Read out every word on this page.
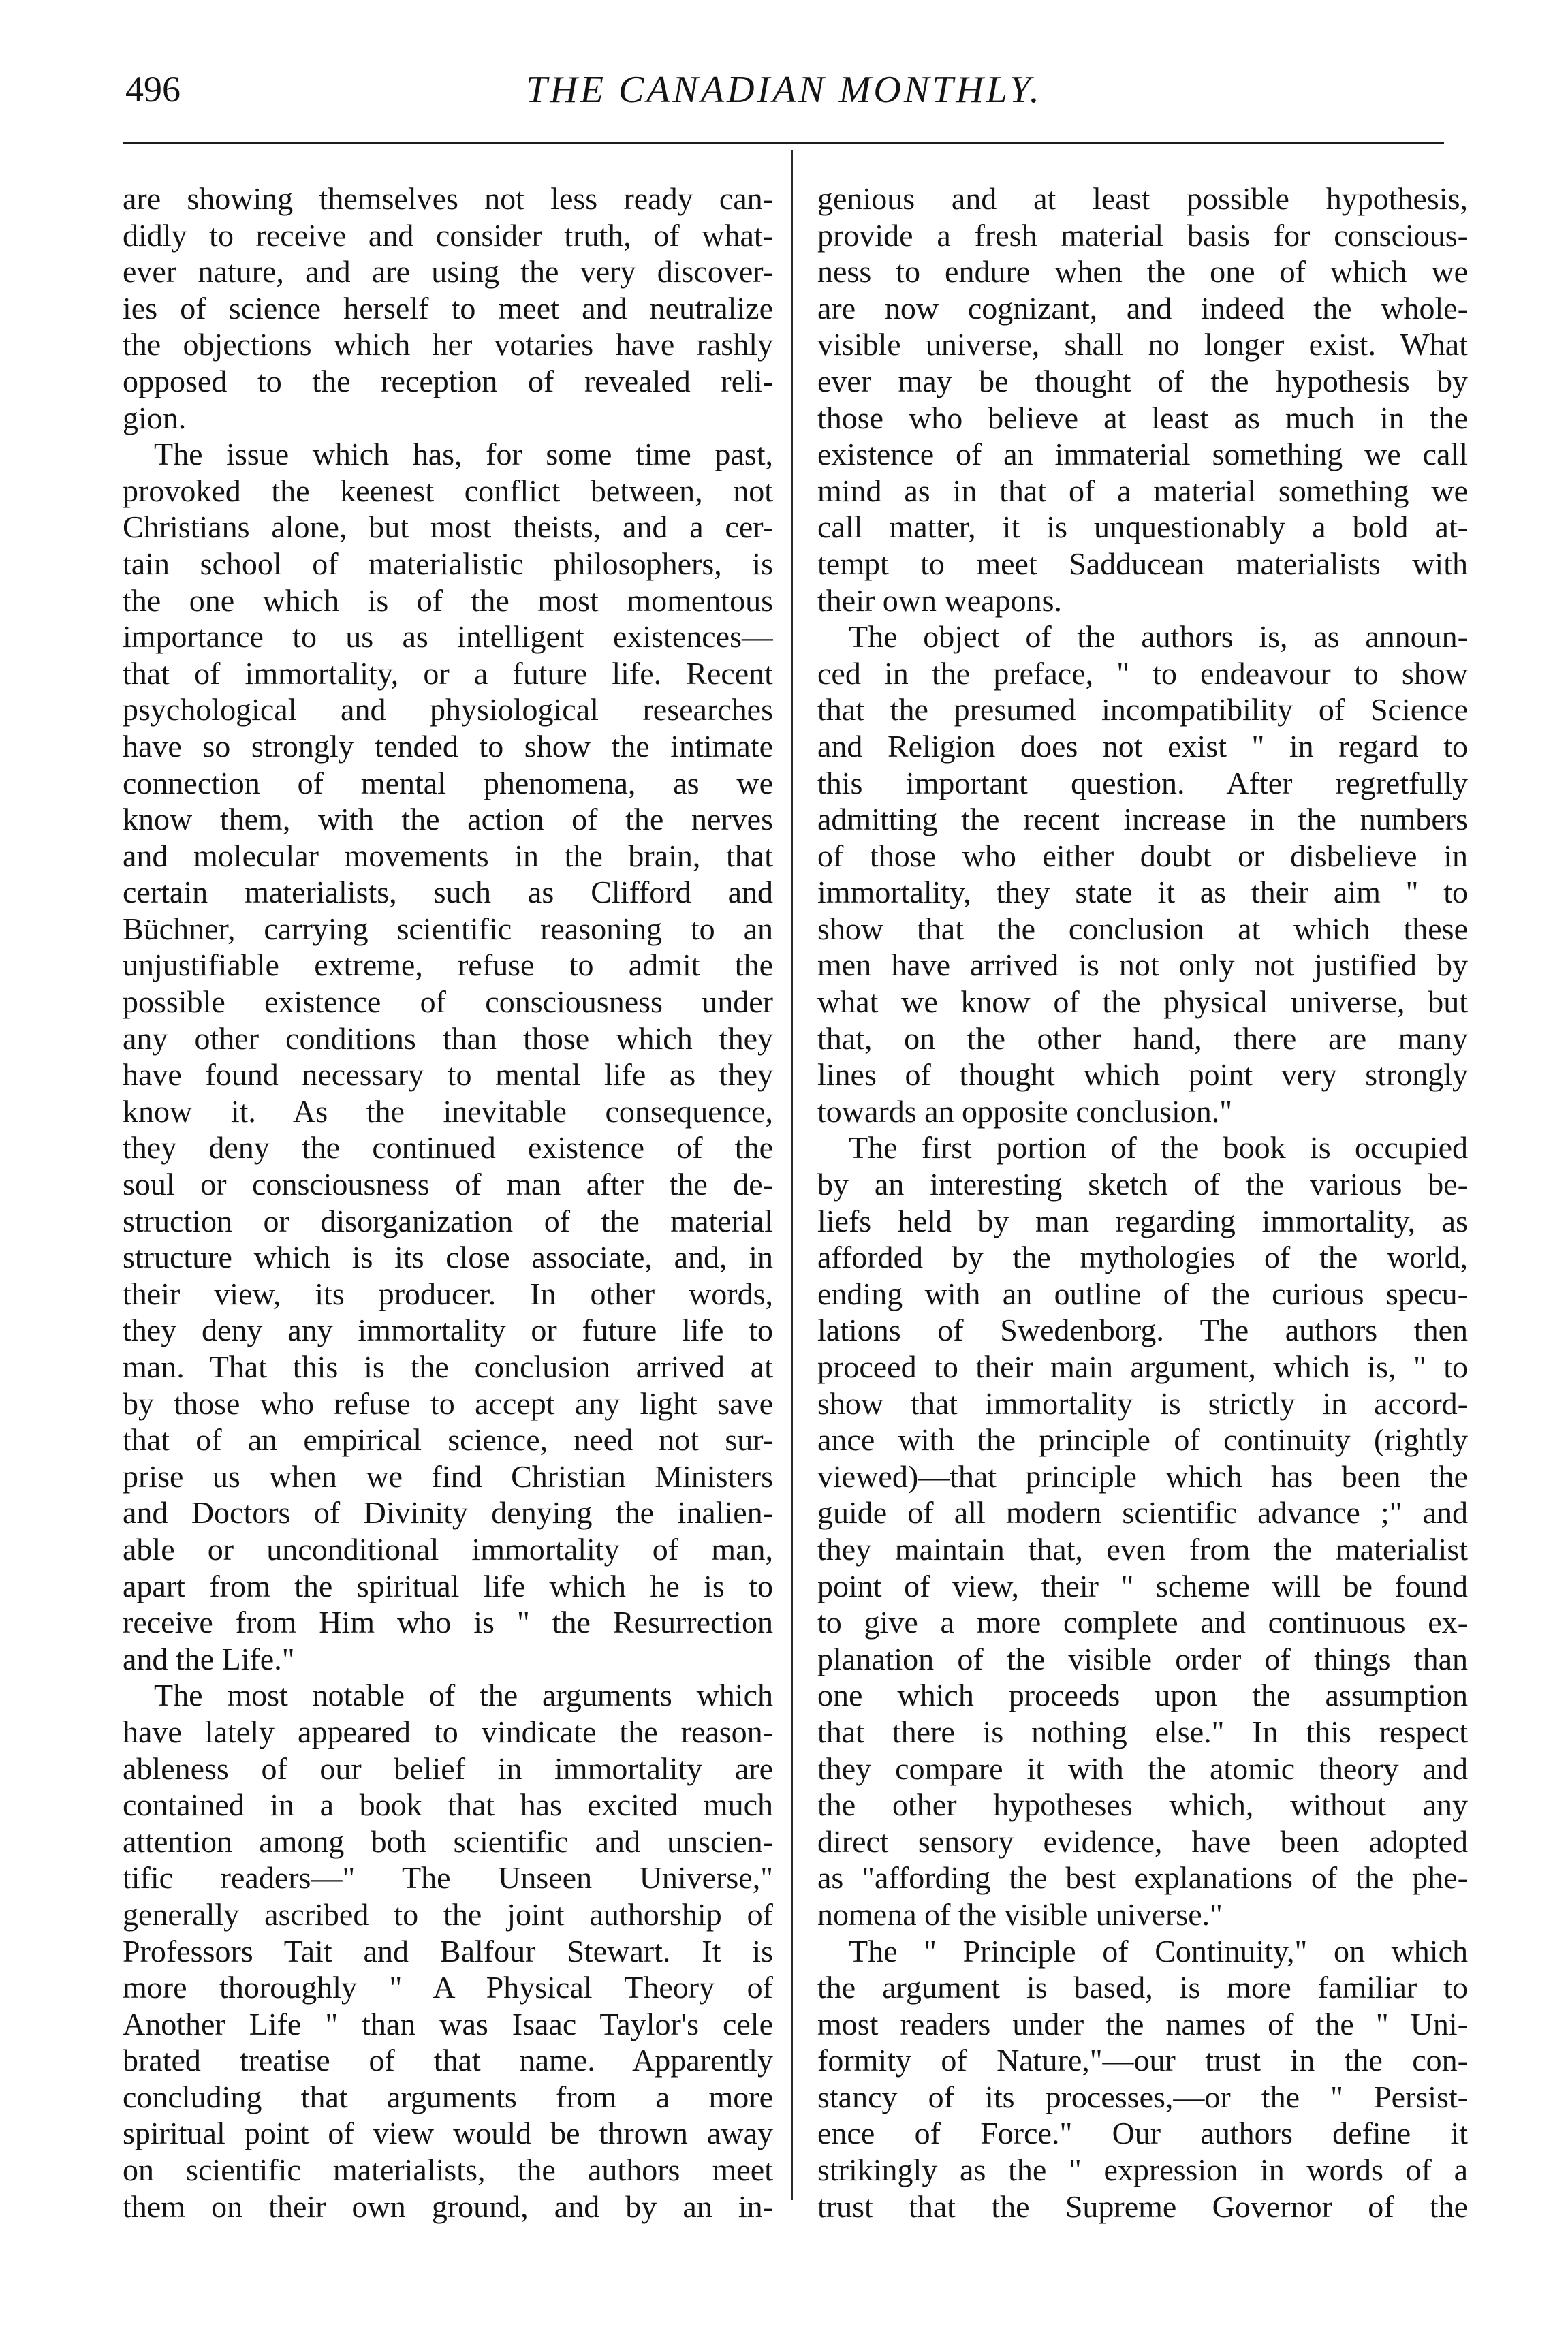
496	THE CANADIAN MONTHLY.
are showing themselves not less ready can-
didly to receive and consider truth, of what-
ever nature, and are using the very discover-
ies of science herself to meet and neutralize
the objections which her votaries have rashly
opposed to the reception of revealed reli-
gion.
The issue which has, for some time past,
provoked the keenest conflict between, not
Christians alone, but most theists, and a cer-
tain school of materialistic philosophers, is
the one which is of the most momentous
importance to us as intelligent existences—
that of immortality, or a future life. Recent
psychological and physiological researches
have so strongly tended to show the intimate
connection of mental phenomena, as we
know them, with the action of the nerves
and molecular movements in the brain, that
certain materialists, such as Clifford and
Büchner, carrying scientific reasoning to an
unjustifiable extreme, refuse to admit the
possible existence of consciousness under
any other conditions than those which they
have found necessary to mental life as they
know it. As the inevitable consequence,
they deny the continued existence of the
soul or consciousness of man after the de-
struction or disorganization of the material
structure which is its close associate, and, in
their view, its producer. In other words,
they deny any immortality or future life to
man. That this is the conclusion arrived at
by those who refuse to accept any light save
that of an empirical science, need not sur-
prise us when we find Christian Ministers
and Doctors of Divinity denying the inalien-
able or unconditional immortality of man,
apart from the spiritual life which he is to
receive from Him who is " the Resurrection
and the Life."
The most notable of the arguments which
have lately appeared to vindicate the reason-
ableness of our belief in immortality are
contained in a book that has excited much
attention among both scientific and unscien-
tific readers—" The Unseen Universe,"
generally ascribed to the joint authorship of
Professors Tait and Balfour Stewart. It is
more thoroughly " A Physical Theory of
Another Life " than was Isaac Taylor's cele
brated treatise of that name. Apparently
concluding that arguments from a more
spiritual point of view would be thrown away
on scientific materialists, the authors meet
them on their own ground, and by an in-
genious and at least possible hypothesis,
provide a fresh material basis for conscious-
ness to endure when the one of which we
are now cognizant, and indeed the whole-
visible universe, shall no longer exist. What
ever may be thought of the hypothesis by
those who believe at least as much in the
existence of an immaterial something we call
mind as in that of a material something we
call matter, it is unquestionably a bold at-
tempt to meet Sadducean materialists with
their own weapons.
The object of the authors is, as announ-
ced in the preface, " to endeavour to show
that the presumed incompatibility of Science
and Religion does not exist " in regard to
this important question. After regretfully
admitting the recent increase in the numbers
of those who either doubt or disbelieve in
immortality, they state it as their aim " to
show that the conclusion at which these
men have arrived is not only not justified by
what we know of the physical universe, but
that, on the other hand, there are many
lines of thought which point very strongly
towards an opposite conclusion."
The first portion of the book is occupied
by an interesting sketch of the various be-
liefs held by man regarding immortality, as
afforded by the mythologies of the world,
ending with an outline of the curious specu-
lations of Swedenborg. The authors then
proceed to their main argument, which is, " to
show that immortality is strictly in accord-
ance with the principle of continuity (rightly
viewed)—that principle which has been the
guide of all modern scientific advance ;" and
they maintain that, even from the materialist
point of view, their " scheme will be found
to give a more complete and continuous ex-
planation of the visible order of things than
one which proceeds upon the assumption
that there is nothing else." In this respect
they compare it with the atomic theory and
the other hypotheses which, without any
direct sensory evidence, have been adopted
as "affording the best explanations of the phe-
nomena of the visible universe."
The " Principle of Continuity," on which
the argument is based, is more familiar to
most readers under the names of the " Uni-
formity of Nature,"—our trust in the con-
stancy of its processes,—or the " Persist-
ence of Force." Our authors define it
strikingly as the " expression in words of a
trust that the Supreme Governor of the
